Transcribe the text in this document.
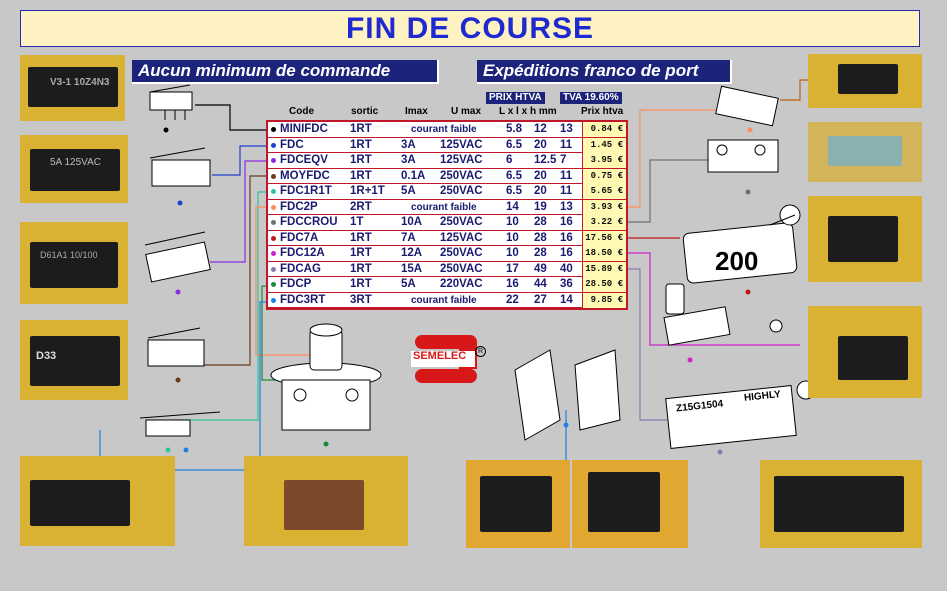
FIN DE COURSE
Aucun minimum de commande	Expéditions franco de port
PRIX HTVA	TVA 19.60%
Code	sortic	Imax U max L x l x h mm Prix htva
MINIFDC 1RT	courant faible	5.8 12 13	0.84 €
FDC	1RT	3A 125VAC 6.5 20 11	1.45 €
FDCEQV 1RT	3A 125VAC 6 12.5 7	3.95 €
MOYFDC 1RT	0.1A 250VAC 6.5 20 11	0.75 €
FDC1R1T 1R+1T 5A 250VAC 6.5 20 11	5.65 €
FDC2P	2RT	courant faible	14 19 13	3.93 €
FDCCROU 1T	10A 250VAC 10 28 16	3.22 €
FDC7A	1RT	7A 125VAC 10 28 16	17.56 €
FDC12A 1RT	12A 250VAC 10 28 16	18.50 €
FDCAG	1RT	15A 250VAC 17 49 40	15.89 €
FDCP	1RT	5A 220VAC 16 44 36	28.50 €
FDC3RT 3RT	courant faible	22 27 14	9.85 €
200
Z15G1504
HIGHLY
V3-1 10Z4N3
5A 125VAC
D61A1 10/100
D33	SEMELEC	R
